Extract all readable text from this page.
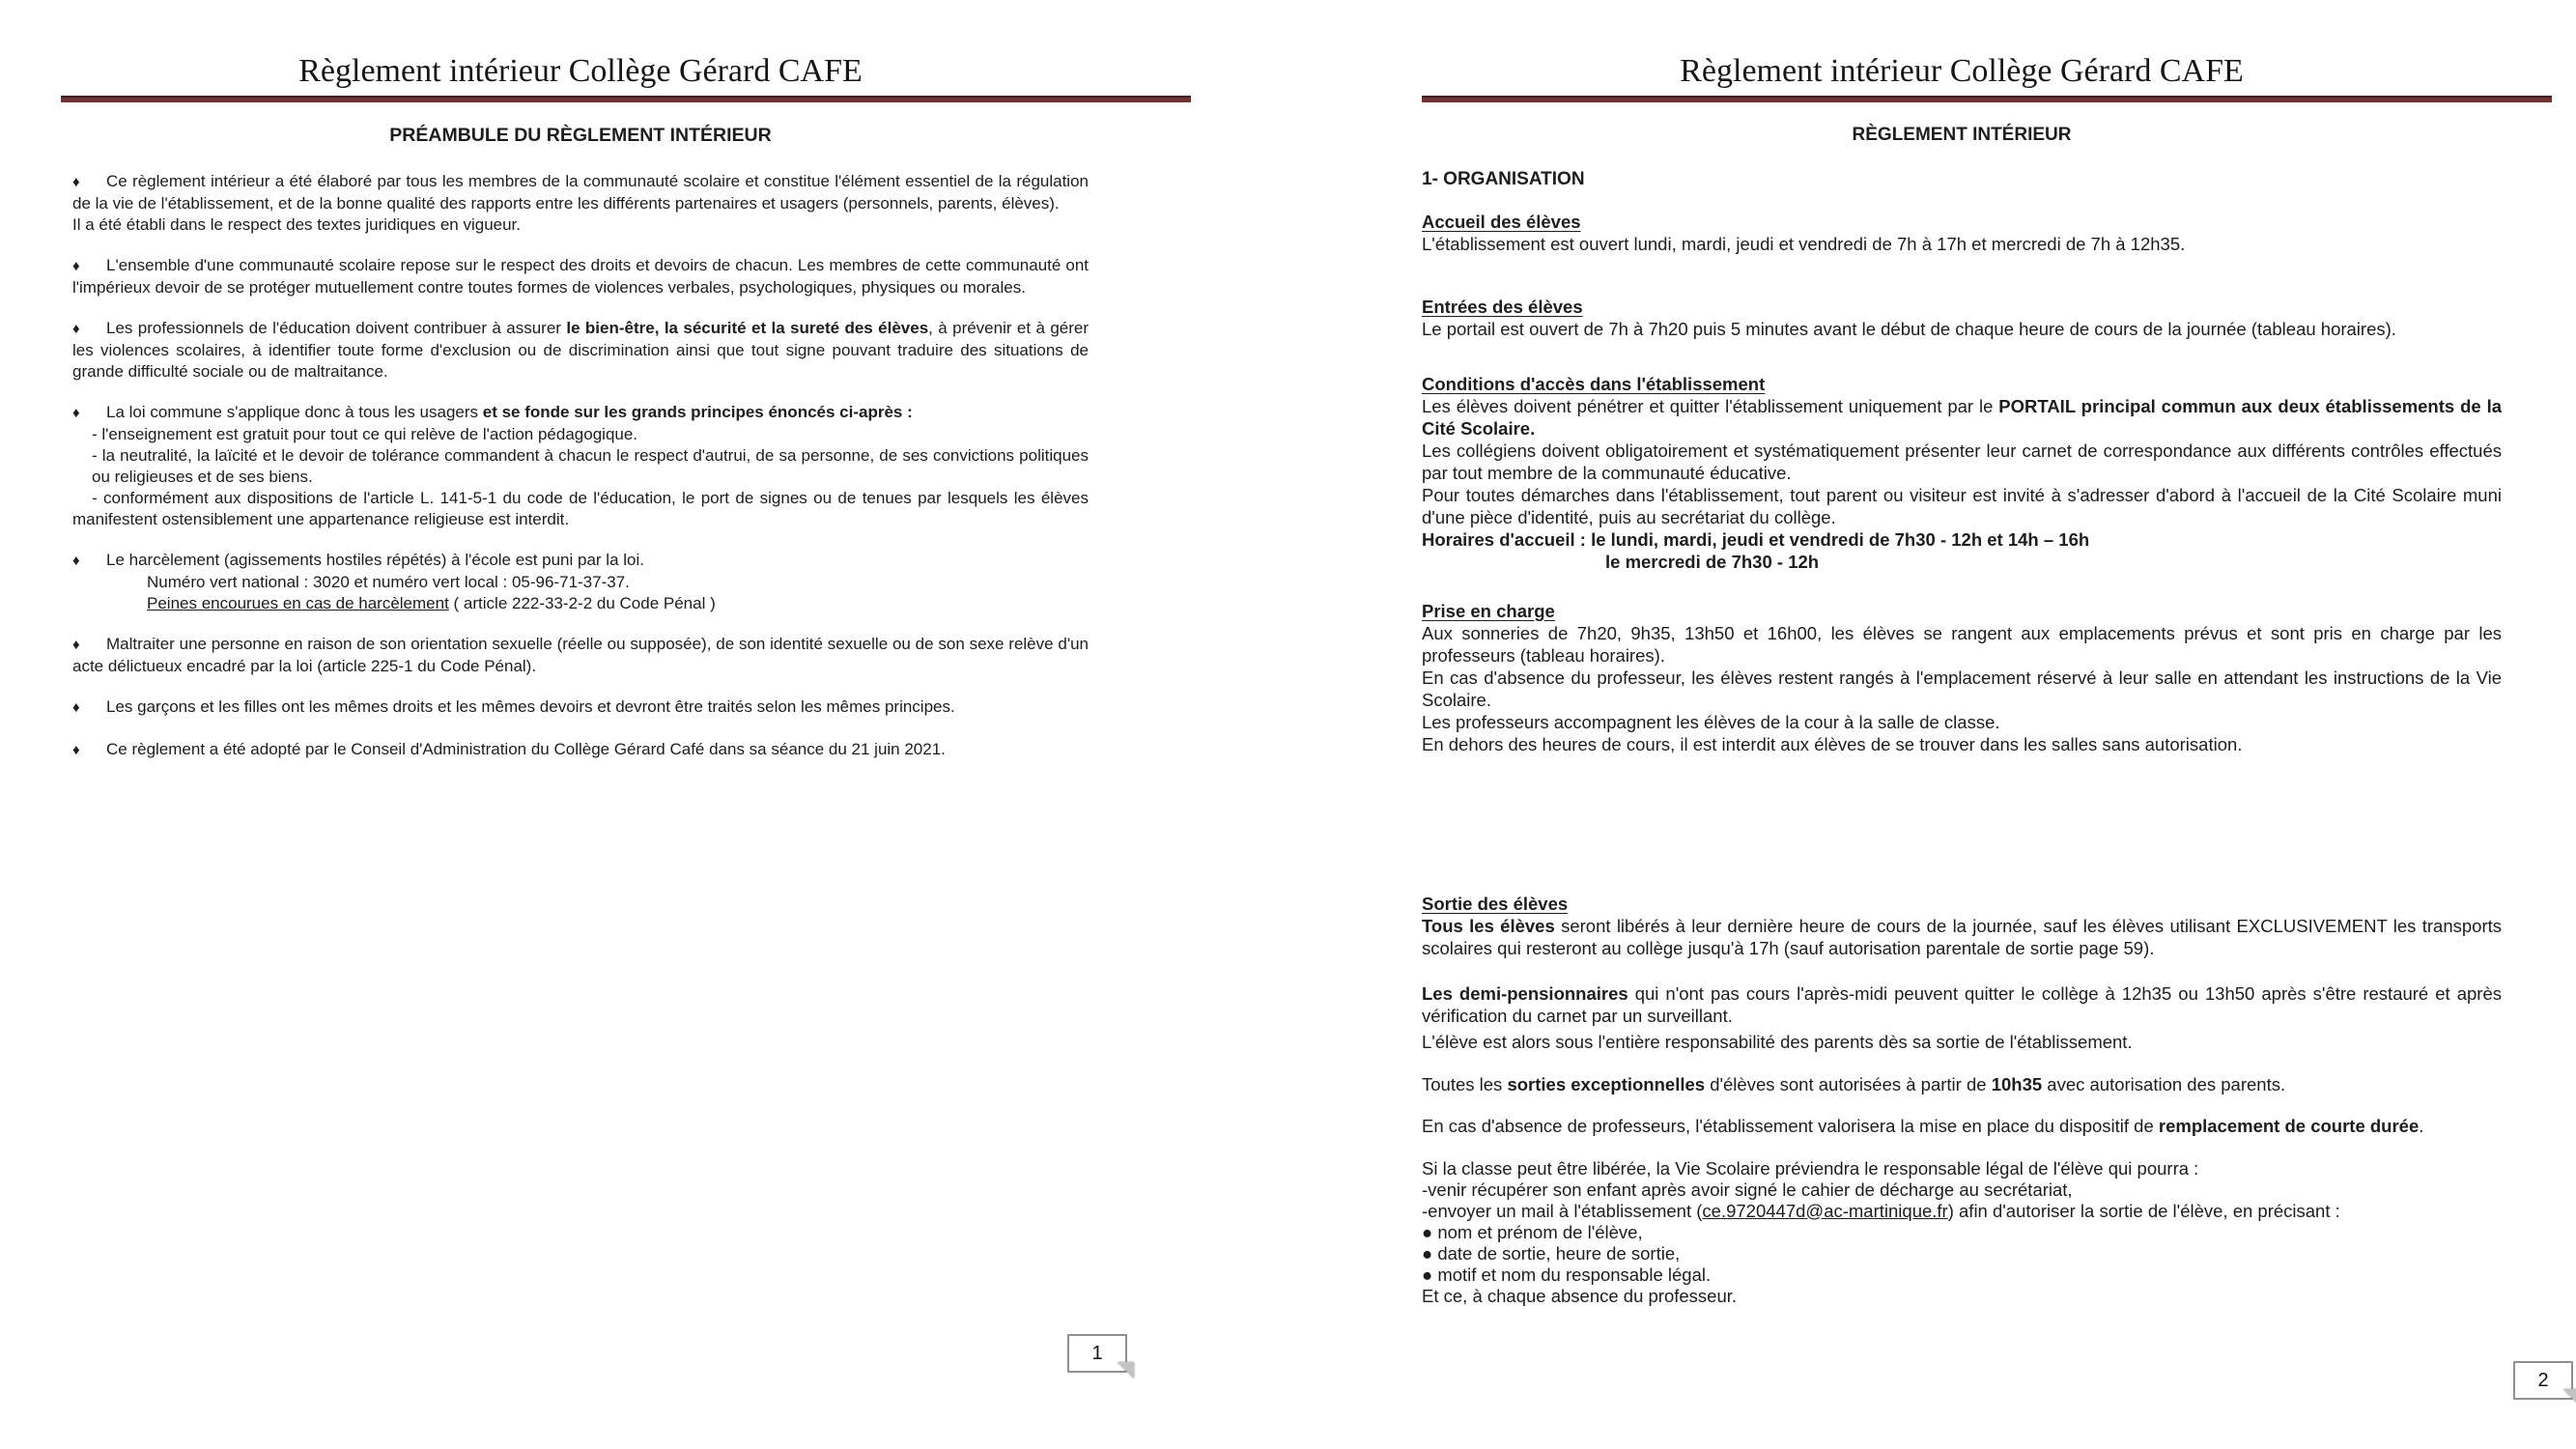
Règlement intérieur Collège Gérard CAFE
PRÉAMBULE DU RÈGLEMENT INTÉRIEUR
♦ Ce règlement intérieur a été élaboré par tous les membres de la communauté scolaire et constitue l'élément essentiel de la régulation de la vie de l'établissement, et de la bonne qualité des rapports entre les différents partenaires et usagers (personnels, parents, élèves).
Il a été établi dans le respect des textes juridiques en vigueur.
♦ L'ensemble d'une communauté scolaire repose sur le respect des droits et devoirs de chacun. Les membres de cette communauté ont l'impérieux devoir de se protéger mutuellement contre toutes formes de violences verbales, psychologiques, physiques ou morales.
♦ Les professionnels de l'éducation doivent contribuer à assurer le bien-être, la sécurité et la sureté des élèves, à prévenir et à gérer les violences scolaires, à identifier toute forme d'exclusion ou de discrimination ainsi que tout signe pouvant traduire des situations de grande difficulté sociale ou de maltraitance.
♦ La loi commune s'applique donc à tous les usagers et se fonde sur les grands principes énoncés ci-après :
- l'enseignement est gratuit pour tout ce qui relève de l'action pédagogique.
- la neutralité, la laïcité et le devoir de tolérance commandent à chacun le respect d'autrui, de sa personne, de ses convictions politiques ou religieuses et de ses biens.
- conformément aux dispositions de l'article L. 141-5-1 du code de l'éducation, le port de signes ou de tenues par lesquels les élèves manifestent ostensiblement une appartenance religieuse est interdit.
♦ Le harcèlement (agissements hostiles répétés) à l'école est puni par la loi.
Numéro vert national : 3020 et numéro vert local : 05-96-71-37-37.
Peines encourues en cas de harcèlement ( article 222-33-2-2 du Code Pénal )
♦ Maltraiter une personne en raison de son orientation sexuelle (réelle ou supposée), de son identité sexuelle ou de son sexe relève d'un acte délictueux encadré par la loi (article 225-1 du Code Pénal).
♦ Les garçons et les filles ont les mêmes droits et les mêmes devoirs et devront être traités selon les mêmes principes.
♦ Ce règlement a été adopté par le Conseil d'Administration du Collège Gérard Café dans sa séance du 21 juin 2021.
Règlement intérieur Collège Gérard CAFE
RÈGLEMENT INTÉRIEUR
1- ORGANISATION
Accueil des élèves
L'établissement est ouvert lundi, mardi, jeudi et vendredi de 7h à 17h et mercredi de 7h à 12h35.
Entrées des élèves
Le portail est ouvert de 7h à 7h20 puis 5 minutes avant le début de chaque heure de cours de la journée (tableau horaires).
Conditions d'accès dans l'établissement
Les élèves doivent pénétrer et quitter l'établissement uniquement par le PORTAIL principal commun aux deux établissements de la Cité Scolaire.
Les collégiens doivent obligatoirement et systématiquement présenter leur carnet de correspondance aux différents contrôles effectués par tout membre de la communauté éducative.
Pour toutes démarches dans l'établissement, tout parent ou visiteur est invité à s'adresser d'abord à l'accueil de la Cité Scolaire muni d'une pièce d'identité, puis au secrétariat du collège.
Horaires d'accueil : le lundi, mardi, jeudi et vendredi de 7h30 - 12h et 14h – 16h
le mercredi de 7h30 - 12h
Prise en charge
Aux sonneries de 7h20, 9h35, 13h50 et 16h00, les élèves se rangent aux emplacements prévus et sont pris en charge par les professeurs (tableau horaires).
En cas d'absence du professeur, les élèves restent rangés à l'emplacement réservé à leur salle en attendant les instructions de la Vie Scolaire.
Les professeurs accompagnent les élèves de la cour à la salle de classe.
En dehors des heures de cours, il est interdit aux élèves de se trouver dans les salles sans autorisation.
Sortie des élèves
Tous les élèves seront libérés à leur dernière heure de cours de la journée, sauf les élèves utilisant EXCLUSIVEMENT les transports scolaires qui resteront au collège jusqu'à 17h (sauf autorisation parentale de sortie page 59).
Les demi-pensionnaires qui n'ont pas cours l'après-midi peuvent quitter le collège à 12h35 ou 13h50 après s'être restauré et après vérification du carnet par un surveillant.
L'élève est alors sous l'entière responsabilité des parents dès sa sortie de l'établissement.
Toutes les sorties exceptionnelles d'élèves sont autorisées à partir de 10h35 avec autorisation des parents.
En cas d'absence de professeurs, l'établissement valorisera la mise en place du dispositif de remplacement de courte durée.
Si la classe peut être libérée, la Vie Scolaire préviendra le responsable légal de l'élève qui pourra :
-venir récupérer son enfant après avoir signé le cahier de décharge au secrétariat,
-envoyer un mail à l'établissement (ce.9720447d@ac-martinique.fr) afin d'autoriser la sortie de l'élève, en précisant :
● nom et prénom de l'élève,
● date de sortie, heure de sortie,
● motif et nom du responsable légal.
Et ce, à chaque absence du professeur.
1
2
